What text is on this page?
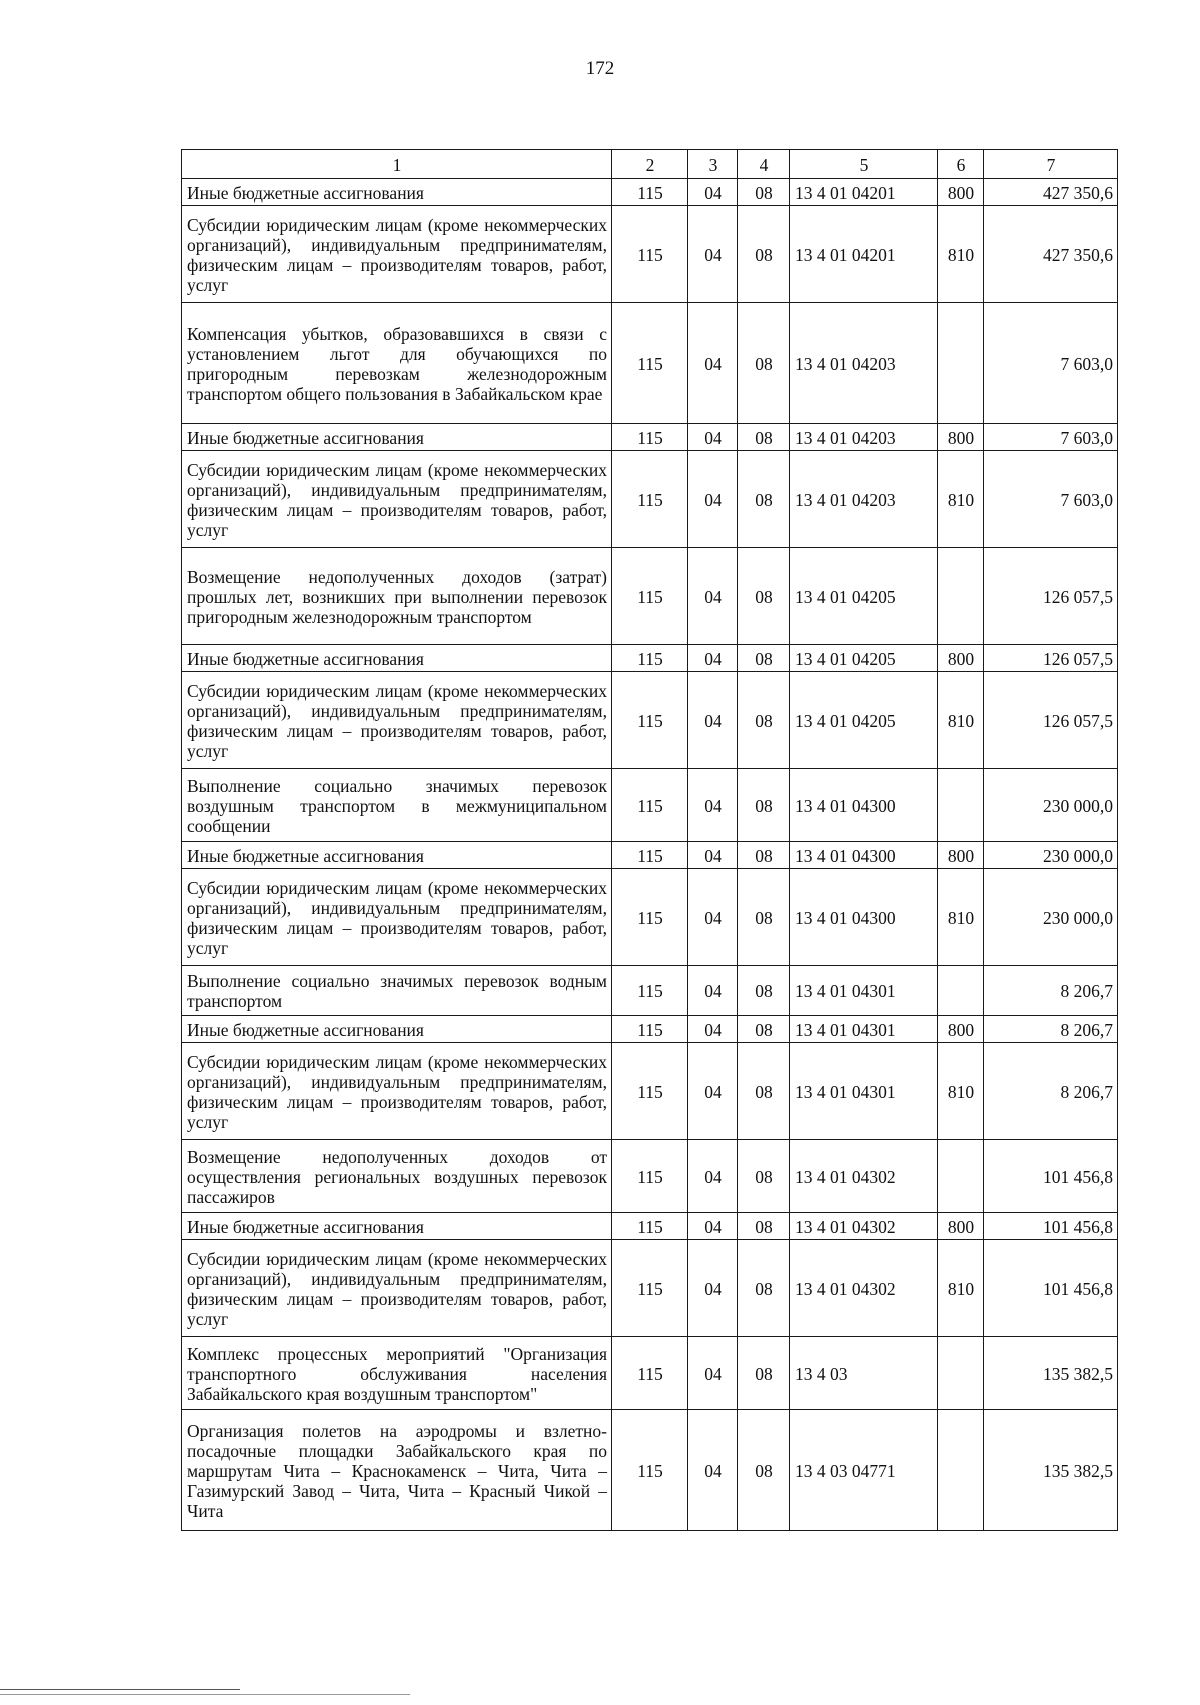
172
1	2	3	4	5	6	7
Иные бюджетные ассигнования	115	04	08	13 4 01 04201	800	427 350,6
Субсидии юридическим лицам (кроме некоммерческих организаций), индивидуальным предпринимателям, физическим лицам – производителям товаров, работ, услуг	115	04	08	13 4 01 04201	810	427 350,6
Компенсация убытков, образовавшихся в связи с установлением льгот для обучающихся по пригородным перевозкам железнодорожным транспортом общего пользования в Забайкальском крае	115	04	08	13 4 01 04203		7 603,0
Иные бюджетные ассигнования	115	04	08	13 4 01 04203	800	7 603,0
Субсидии юридическим лицам (кроме некоммерческих организаций), индивидуальным предпринимателям, физическим лицам – производителям товаров, работ, услуг	115	04	08	13 4 01 04203	810	7 603,0
Возмещение недополученных доходов (затрат) прошлых лет, возникших при выполнении перевозок пригородным железнодорожным транспортом	115	04	08	13 4 01 04205		126 057,5
Иные бюджетные ассигнования	115	04	08	13 4 01 04205	800	126 057,5
Субсидии юридическим лицам (кроме некоммерческих организаций), индивидуальным предпринимателям, физическим лицам – производителям товаров, работ, услуг	115	04	08	13 4 01 04205	810	126 057,5
Выполнение социально значимых перевозок воздушным транспортом в межмуниципальном сообщении	115	04	08	13 4 01 04300		230 000,0
Иные бюджетные ассигнования	115	04	08	13 4 01 04300	800	230 000,0
Субсидии юридическим лицам (кроме некоммерческих организаций), индивидуальным предпринимателям, физическим лицам – производителям товаров, работ, услуг	115	04	08	13 4 01 04300	810	230 000,0
Выполнение социально значимых перевозок водным транспортом	115	04	08	13 4 01 04301		8 206,7
Иные бюджетные ассигнования	115	04	08	13 4 01 04301	800	8 206,7
Субсидии юридическим лицам (кроме некоммерческих организаций), индивидуальным предпринимателям, физическим лицам – производителям товаров, работ, услуг	115	04	08	13 4 01 04301	810	8 206,7
Возмещение недополученных доходов от осуществления региональных воздушных перевозок пассажиров	115	04	08	13 4 01 04302		101 456,8
Иные бюджетные ассигнования	115	04	08	13 4 01 04302	800	101 456,8
Субсидии юридическим лицам (кроме некоммерческих организаций), индивидуальным предпринимателям, физическим лицам – производителям товаров, работ, услуг	115	04	08	13 4 01 04302	810	101 456,8
Комплекс процессных мероприятий "Организация транспортного обслуживания населения Забайкальского края воздушным транспортом"	115	04	08	13 4 03		135 382,5
Организация полетов на аэродромы и взлетно-посадочные площадки Забайкальского края по маршрутам Чита – Краснокаменск – Чита, Чита – Газимурский Завод – Чита, Чита – Красный Чикой – Чита	115	04	08	13 4 03 04771		135 382,5
